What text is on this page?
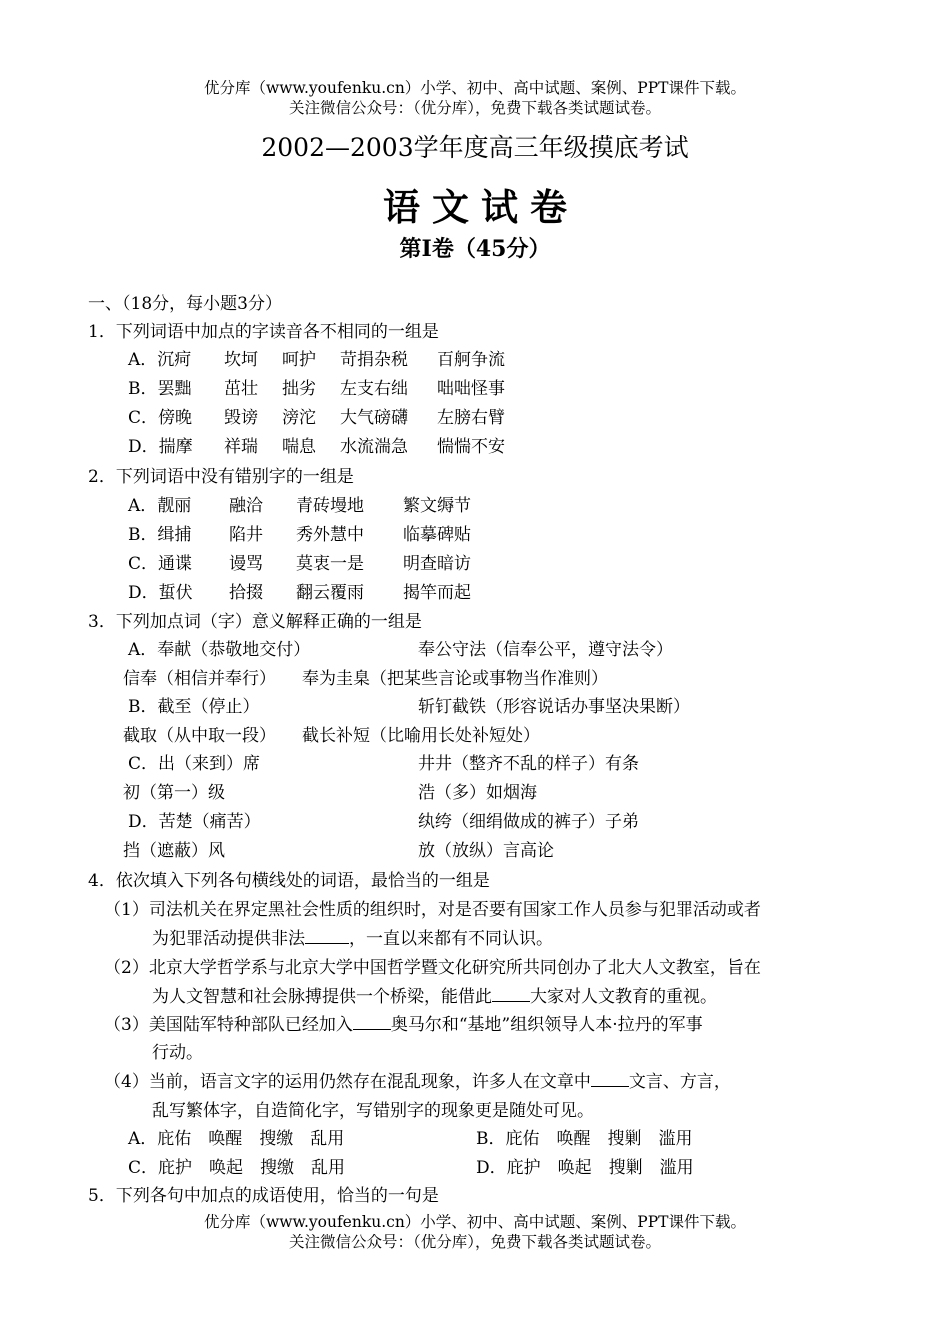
优分库（www.youfenku.cn）小学、初中、高中试题、案例、PPT课件下载。
关注微信公众号：（优分库），免费下载各类试题试卷。
2002—2003学年度高三年级摸底考试
语文试卷
第Ⅰ卷（45分）
一、（18分，每小题3分）
1．下列词语中加点的字读音各不相同的一组是
A．沉疴 坎坷 呵护 苛捐杂税 百舸争流
B．罢黜 茁壮 拙劣 左支右绌 咄咄怪事
C．傍晚 毁谤 滂沱 大气磅礴 左膀右臂
D．揣摩 祥瑞 喘息 水流湍急 惴惴不安
2．下列词语中没有错别字的一组是
A．靓丽 融洽 青砖墁地 繁文缛节
B．缉捕 陷井 秀外慧中 临摹碑贴
C．通谍 谩骂 莫衷一是 明查暗访
D．蜇伏 拾掇 翻云覆雨 揭竿而起
3．下列加点词（字）意义解释正确的一组是
A．奉献（恭敬地交付）	奉公守法（信奉公平，遵守法令）
信奉（相信并奉行） 奉为圭臬（把某些言论或事物当作准则）
B．截至（停止）	斩钉截铁（形容说话办事坚决果断）
截取（从中取一段） 截长补短（比喻用长处补短处）
C．出（来到）席	井井（整齐不乱的样子）有条
初（第一）级	浩（多）如烟海
D．苦楚（痛苦）	纨绔（细绢做成的裤子）子弟
挡（遮蔽）风	放（放纵）言高论
4．依次填入下列各句横线处的词语，最恰当的一组是
（1）司法机关在界定黑社会性质的组织时，对是否要有国家工作人员参与犯罪活动或者
为犯罪活动提供非法	，一直以来都有不同认识。
（2）北京大学哲学系与北京大学中国哲学暨文化研究所共同创办了北大人文教室，旨在
为人文智慧和社会脉搏提供一个桥梁，能借此 大家对人文教育的重视。
（3）美国陆军特种部队已经加入 奥马尔和“基地”组织领导人本·拉丹的军事
行动。
（4）当前，语言文字的运用仍然存在混乱现象，许多人在文章中 文言、方言，
乱写繁体字，自造简化字，写错别字的现象更是随处可见。
A．庇佑　唤醒　搜缴　乱用	B．庇佑　唤醒　搜剿　滥用
C．庇护　唤起　搜缴　乱用	D．庇护　唤起　搜剿　滥用
5．下列各句中加点的成语使用，恰当的一句是
优分库（www.youfenku.cn）小学、初中、高中试题、案例、PPT课件下载。
关注微信公众号：（优分库），免费下载各类试题试卷。
